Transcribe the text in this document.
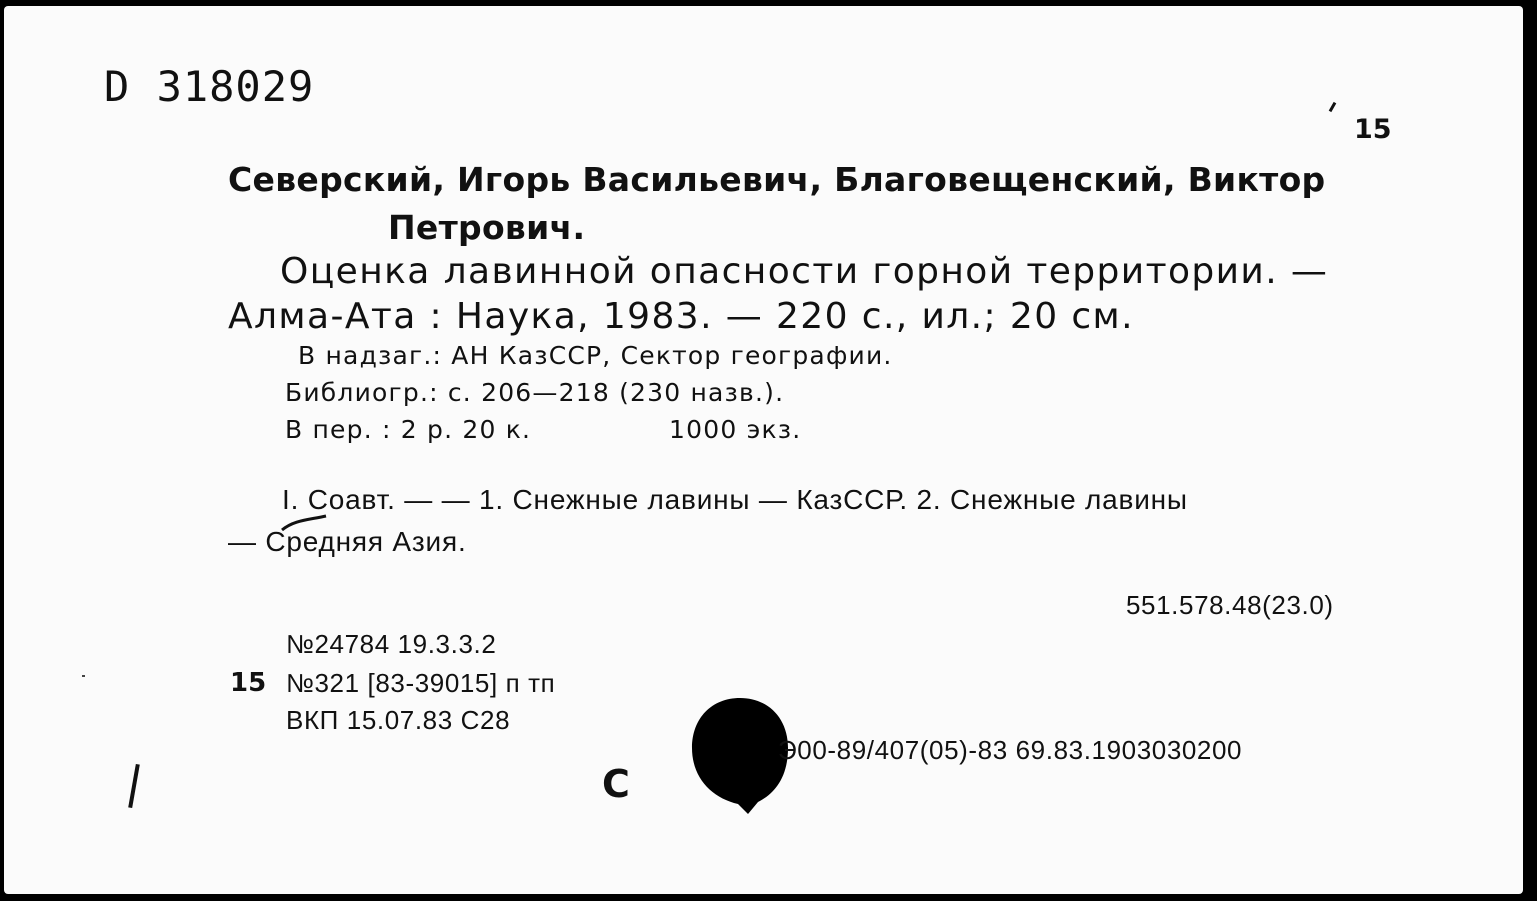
D 318029
15
Северский, Игорь Васильевич, Благовещенский, Виктор
Петрович.
Оценка лавинной опасности горной территории. —
Алма-Ата : Наука, 1983. — 220 с., ил.; 20 см.
В надзаг.: АН КазССР, Сектор географии.
Библиогр.: с. 206—218 (230 назв.).
В пер. : 2 р. 20 к.	1000 экз.
I. Соавт. — — 1. Снежные лавины — КазССР. 2. Снежные лавины
— Средняя Азия.
551.578.48(23.0)
№24784 19.3.3.2
15 №321 [83-39015] п тп
ВКП 15.07.83 С28
С
Э00-89/407(05)-83 69.83.1903030200
